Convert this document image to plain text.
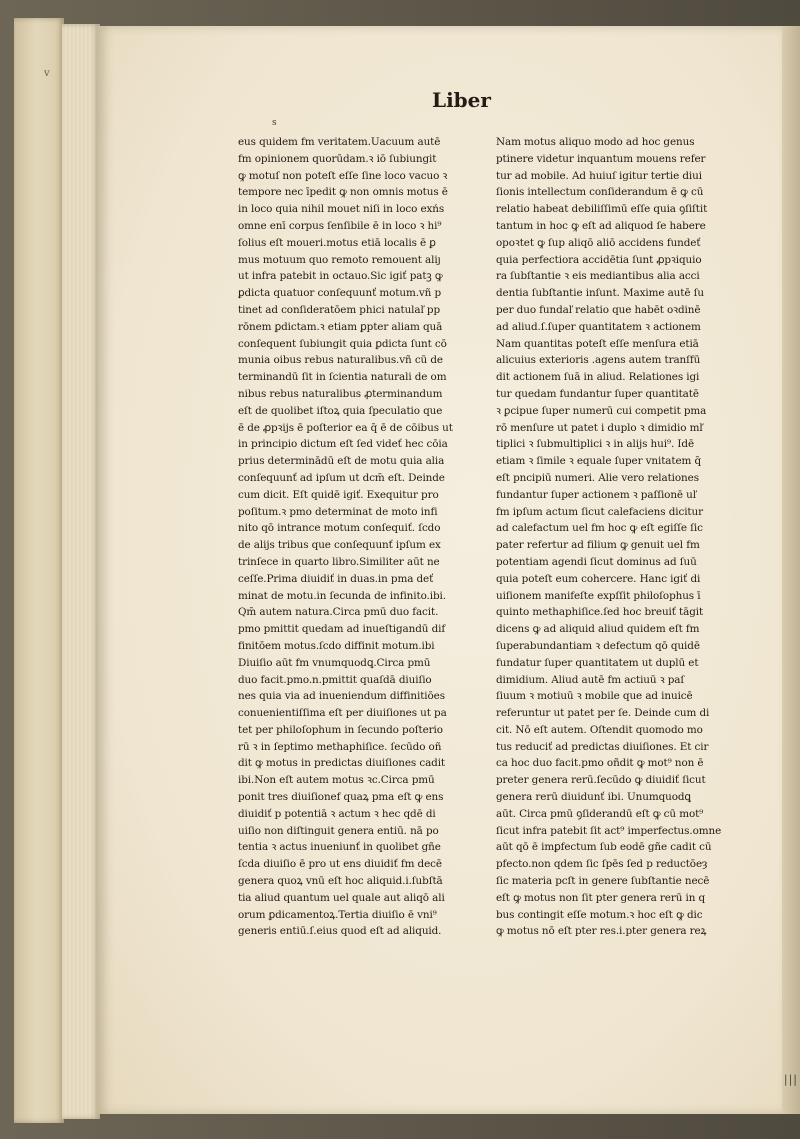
v
|||
Liber
s
eus quidem fm veritatem.Uacuum autē
fm opinionem quorūdam.ꝛ iō ſubiungit
ꝙ motuſ non poteſt eſſe ſine loco vacuo ꝛ
tempore nec īpedit ꝙ non omnis motus ē
in loco quia nihil mouet niſi in loco exńs
omne enī corpus ſenſibile ē in loco ꝛ hi⁹
ſolius eſt moueri.motus etiā localis ē ꝑ
mus motuum quo remoto remouent aliȷ
ut infra patebit in octauo.Sic igiť patꝫ ꝙ
ꝑdicta quatuor conſequunť motum.vñ p
tinet ad conſideratōem phici natulaľ pp
rōnem ꝑdictam.ꝛ etiam ꝑpter aliam quā
conſequent ſubiungit quia ꝑdicta ſunt cō
munia oibus rebus naturalibus.vñ cū de
terminandū ſit in ſcientia naturali de om
nibus rebus naturalibus ꝓterminandum
eſt de quolibet iſtoꝝ quia ſpeculatio que
ē de ꝓpꝛijs ē poſterior ea q̄ ē de cōibus ut
in principio dictum eſt ſed videť hec cōia
prius determinādū eſt de motu quia alia
conſequunť ad ipſum ut dcm̄ eſt. Deinde
cum dicit. Eſt quidē igiť. Exequitur pro
poſitum.ꝛ pmo determinat de moto infi
nito qō intrance motum conſequiť. ſcdo
de alijs tribus que conſequunť ipſum ex
trinſece in quarto libro.Similiter aūt ne
ceſſe.Prima diuidiť in duas.in pma deť
minat de motu.in ſecunda de infinito.ibi.
Qm̄ autem natura.Circa pmū duo facit.
pmo pmittit quedam ad inueſtigandū dif
finitōem motus.ſcdo diffinit motum.ibi
Diuiſio aūt fm vnumquodꝗ.Circa pmū
duo facit.pmo.n.pmittit quaſdā diuiſio
nes quia via ad inueniendum diffinitiōes
conuenientiſſima eſt per diuiſiones ut pa
tet per philoſophum in ſecundo poſterio
rū ꝛ in ſeptimo methaphiſice. ſecūdo oñ
dit ꝙ motus in predictas diuiſiones cadit
ibi.Non eſt autem motus ꝛc.Circa pmū
ponit tres diuiſionef quaꝝ pma eſt ꝙ ens
diuidiť p potentiā ꝛ actum ꝛ hec qdē di
uiſio non diſtinguit genera entiū. nā po
tentia ꝛ actus inueniunť in quolibet gñe
ſcda diuiſio ē pro ut ens diuidiť fm decē
genera quoꝝ vnū eſt hoc aliquid.i.ſubſtā
tia aliud quantum uel quale aut aliqō ali
orum ꝑdicamentoꝝ.Tertia diuiſio ē vni⁹
generis entiū.ſ.eius quod eſt ad aliquid.
Nam motus aliquo modo ad hoc genus
ptinere videtur inquantum mouens refer
tur ad mobile. Ad huiuſ igitur tertie diui
ſionis intellectum conſiderandum ē ꝙ cū
relatio habeat debiliſſimū eſſe quia ꝯſiſtit
tantum in hoc ꝙ eſt ad aliquod ſe habere
opoꝛtet ꝙ ſup aliqō aliō accidens fundeť
quia perfectiora accidētia ſunt ꝓpꝛiquio
ra ſubſtantie ꝛ eis mediantibus alia acci
dentia ſubſtantie inſunt. Maxime autē ſu
per duo fundaľ relatio que habēt oꝛdinē
ad aliud.ſ.ſuper quantitatem ꝛ actionem
Nam quantitas poteſt eſſe menſura etiā
alicuius exterioris .agens autem tranſfū
dit actionem ſuā in aliud. Relationes igi
tur quedam fundantur ſuper quantitatē
ꝛ ꝑcipue ſuper numerū cui competit pma
rō menſure ut patet i duplo ꝛ dimidio mľ
tiplici ꝛ ſubmultiplici ꝛ in alijs hui⁹. Idē
etiam ꝛ ſimile ꝛ equale ſuper vnitatem q̄
eſt pncipiū numeri. Alie vero relationes
fundantur ſuper actionem ꝛ paſſionē uľ
fm ipſum actum ſicut calefaciens dicitur
ad calefactum uel fm hoc ꝙ eſt egiſſe ſic
pater refertur ad filium ꝙ genuit uel fm
potentiam agendi ſicut dominus ad ſuū
quia poteſt eum cohercere. Hanc igiť di
uiſionem manifeſte expſſit philoſophus ī
quinto methaphiſice.ſed hoc breuiť tāgit
dicens ꝙ ad aliquid aliud quidem eſt fm
ſuperabundantiam ꝛ defectum qō quidē
fundatur ſuper quantitatem ut duplū et
dimidium. Aliud autē fm actiuū ꝛ paſ
ſiuum ꝛ motiuū ꝛ mobile que ad inuicē
referuntur ut patet per ſe. Deinde cum di
cit. Nō eſt autem. Oſtendit quomodo mo
tus reduciť ad predictas diuiſiones. Et cir
ca hoc duo facit.pmo oñdit ꝙ mot⁹ non ē
preter genera rerū.ſecūdo ꝙ diuidiť ſicut
genera rerū diuidunť ibi. Unumquodꝗ
aūt. Circa pmū ꝯſiderandū eſt ꝙ cū mot⁹
ſicut infra patebit ſit act⁹ imperfectus.omne
aūt qō ē imꝑfectum ſub eodē gñe cadit cū
pfecto.non qdem ſic ſpēs ſed p reductōeȝ
ſic materia pcſt in genere ſubſtantie necē
eſt ꝙ motus non ſit pter genera rerū in q
bus contingit eſſe motum.ꝛ hoc eſt ꝙ dic
ꝙ motus nō eſt pter res.i.pter genera reꝝ
